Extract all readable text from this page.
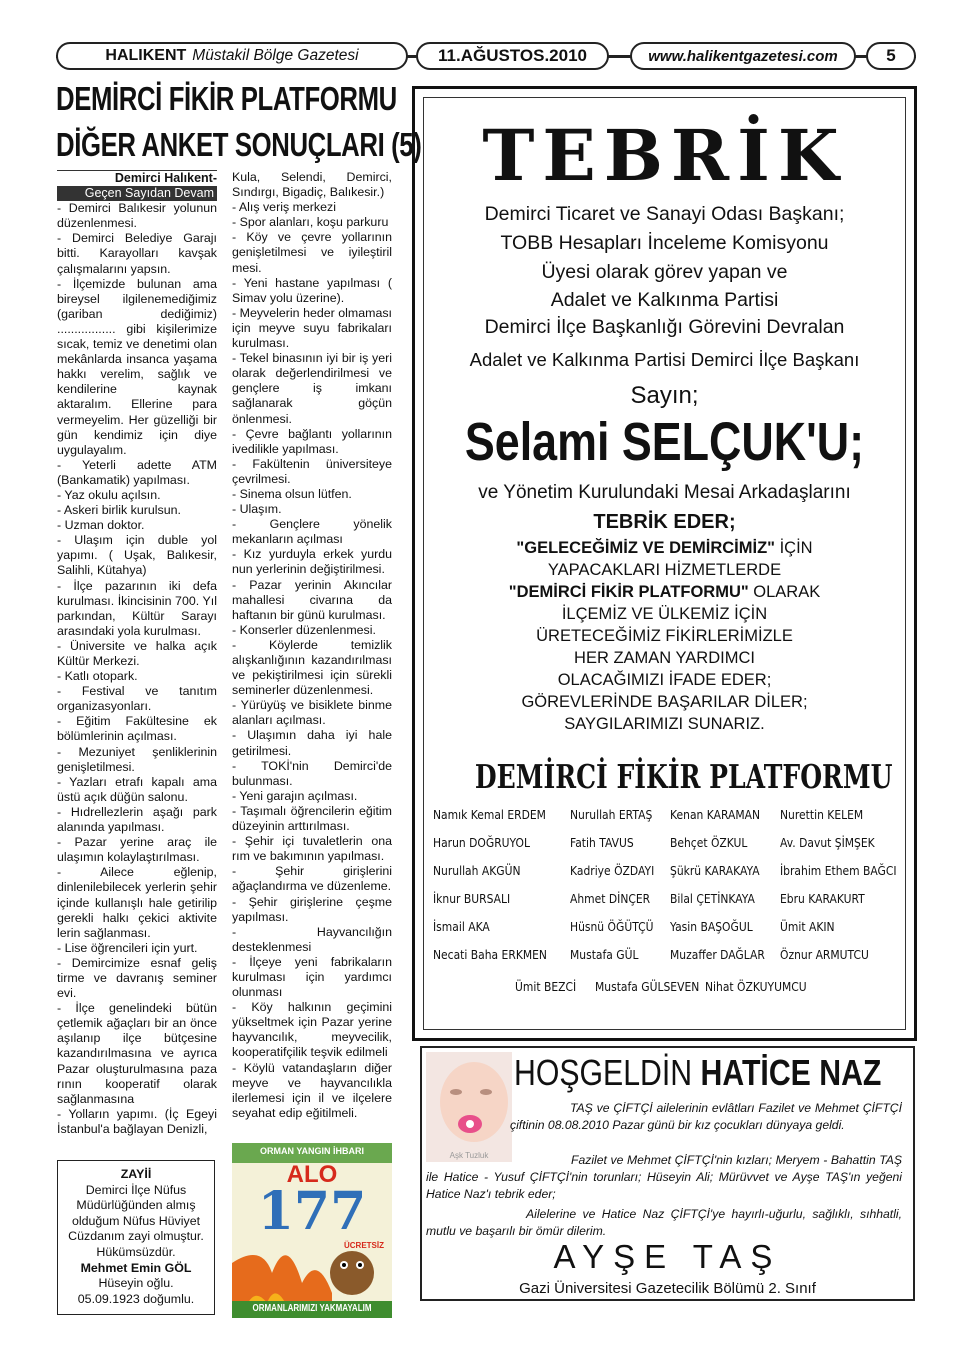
HALIKENT Müstakil Bölge Gazetesi	11.AĞUSTOS.2010	www.halikentgazetesi.com	5
DEMİRCİ FİKİR PLATFORMU
DİĞER ANKET SONUÇLARI (5)
Demirci Halıkent-
Geçen Sayıdan Devam

- Demirci Balıkesir yolunun düzenlenmesi.

- Demirci Belediye Garajı bitti. Karayolları kavşak çalışmalarını yapsın.

- İlçemizde bulunan ama bireysel ilgilenemediğimiz (gariban dediğimiz) ................. gibi kişilerimize sıcak, temiz ve denetimi olan mekânlarda insanca yaşama hakkı verelim, sağlık ve kendilerine kaynak aktaralım. Ellerine para vermeyelim. Her güzelliği bir gün kendimiz için diye uygulayalım.

- Yeterli adette ATM (Bankamatik) yapılması.

- Yaz okulu açılsın.

- Askeri birlik kurulsun.

- Uzman doktor.

- Ulaşım için duble yol yapımı. ( Uşak, Balıkesir, Salihli, Kütahya)

- İlçe pazarının iki defa kurulması. İkincisinin 700. Yıl parkından, Kültür Sarayı arasındaki yola kurulması.

- Üniversite ve halka açık Kültür Merkezi.

- Katlı otopark.

- Festival ve tanıtım organizasyonları.

- Eğitim Fakültesine ek bölümlerinin açılması.

- Mezuniyet şenliklerinin genişletilmesi.

- Yazları etrafı kapalı ama üstü açık düğün salonu.

- Hıdrellezlerin aşağı park alanında yapılması.

- Pazar yerine araç ile ulaşımın kolaylaştırılması.

- Ailece eğlenip, dinlenilebilecek yerlerin şehir içinde kullanışlı hale getirilip gerekli halkı çekici aktivite lerin sağlanması.

- Lise öğrencileri için yurt.

- Demircimize esnaf geliş tirme ve davranış seminer evi.

- İlçe genelindeki bütün çetlemik ağaçları bir an önce aşılanıp ilçe bütçesine kazandırılmasına ve ayrıca Pazar oluşturulmasına paza rının kooperatif olarak sağlanmasına

- Yolların yapımı. (İç Egeyi İstanbul'a bağlayan Denizli,

Kula, Selendi, Demirci, Sındırgı, Bigadiç, Balıkesir.)

- Alış veriş merkezi

- Spor alanları, koşu parkuru

- Köy ve çevre yollarının genişletilmesi ve iyileştiril mesi.

- Yeni hastane yapılması ( Simav yolu üzerine).

- Meyvelerin heder olmaması için meyve suyu fabrikaları kurulması.

- Tekel binasının iyi bir iş yeri olarak değerlendirilmesi ve gençlere iş imkanı sağlanarak göçün önlenmesi.

- Çevre bağlantı yollarının ivedilikle yapılması.

- Fakültenin üniversiteye çevrilmesi.

- Sinema olsun lütfen.

- Ulaşım.

- Gençlere yönelik mekanların açılması

- Kız yurduyla erkek yurdu nun yerlerinin değiştirilmesi.

- Pazar yerinin Akıncılar mahallesi civarına da haftanın bir günü kurulması.

- Konserler düzenlenmesi.

- Köylerde temizlik alışkanlığının kazandırılması ve pekiştirilmesi için sürekli seminerler düzenlenmesi.

- Yürüyüş ve bisiklete binme alanları açılması.

- Ulaşımın daha iyi hale getirilmesi.

- TOKİ'nin Demirci'de bulunması.

- Yeni garajın açılması.

- Taşımalı öğrencilerin eğitim düzeyinin arttırılması.

- Şehir içi tuvaletlerin ona rım ve bakımının yapılması.

- Şehir girişlerini ağaçlandırma ve düzenleme.

- Şehir girişlerine çeşme yapılması.

- Hayvancılığın desteklenmesi

- İlçeye yeni fabrikaların kurulması için yardımcı olunması

- Köy halkının geçimini yükseltmek için Pazar yerine hayvancılık, meyvecilik, kooperatifçilik teşvik edilmeli

- Köylü vatandaşların diğer meyve ve hayvancılıkla ilerlemesi için il ve ilçelere seyahat edip eğitilmeli.

ZAYİİ
Demirci İlçe Nüfus
Müdürlüğünden almış
olduğum Nüfus Hüviyet
Cüzdanım zayi olmuştur.
Hükümsüzdür.
Mehmet Emin GÖL
Hüseyin oğlu.
05.09.1923 doğumlu.
ORMAN YANGIN İHBARI
ALO
177
ÜCRETSİZ
ORMANLARIMIZI YAKMAYALIM
TEBRİK
Demirci Ticaret ve Sanayi Odası Başkanı;
TOBB Hesapları İnceleme Komisyonu
Üyesi olarak görev yapan ve
Adalet ve Kalkınma Partisi
Demirci İlçe Başkanlığı Görevini Devralan
Adalet ve Kalkınma Partisi Demirci İlçe Başkanı
Sayın;
Selami SELÇUK'U;
ve Yönetim Kurulundaki Mesai Arkadaşlarını
TEBRİK EDER;
"GELECEĞİMİZ VE DEMİRCİMİZ" İÇİN
YAPACAKLARI HİZMETLERDE
"DEMİRCİ FİKİR PLATFORMU" OLARAK
İLÇEMİZ VE ÜLKEMİZ İÇİN
ÜRETECEĞİMİZ FİKİRLERİMİZLE
HER ZAMAN YARDIMCI
OLACAĞIMIZI İFADE EDER;
GÖREVLERİNDE BAŞARILAR DİLER;
SAYGILARIMIZI SUNARIZ.
DEMİRCİ FİKİR PLATFORMU
Namık Kemal ERDEM Nurullah ERTAŞ Kenan KARAMAN Nurettin KELEM
Harun DOĞRUYOL	Fatih TAVUS	Behçet ÖZKUL	Av. Davut ŞİMŞEK
Nurullah AKGÜN	Kadriye ÖZDAYI Şükrü KARAKAYA İbrahim Ethem BAĞCI
İknur BURSALI	Ahmet DİNÇER Bilal ÇETİNKAYA Ebru KARAKURT
İsmail AKA	Hüsnü ÖĞÜTÇÜ Yasin BAŞOĞUL Ümit AKIN
Necati Baha ERKMEN Mustafa GÜL	Muzaffer DAĞLAR Öznur ARMUTCU
Ümit BEZCİ Mustafa GÜLSEVEN Nihat ÖZKUYUMCU
Aşk Tuzluk
HOŞGELDİN HATİCE NAZ
TAŞ ve ÇİFTÇİ ailelerinin evlâtları Fazilet ve Mehmet ÇİFTÇİ çiftinin 08.08.2010 Pazar günü bir kız çocukları dünyaya geldi.
Fazilet ve Mehmet ÇİFTÇİ'nin kızları; Meryem - Bahattin TAŞ ile Hatice - Yusuf ÇİFTÇİ'nin torunları; Hüseyin Ali; Mürüvvet ve Ayşe TAŞ'ın yeğeni Hatice Naz'ı tebrik eder;
Ailelerine ve Hatice Naz ÇİFTÇİ'ye hayırlı-uğurlu, sağlıklı, sıhhatli, mutlu ve başarılı bir ömür dilerim.
AYŞE TAŞ
Gazi Üniversitesi Gazetecilik Bölümü 2. Sınıf
